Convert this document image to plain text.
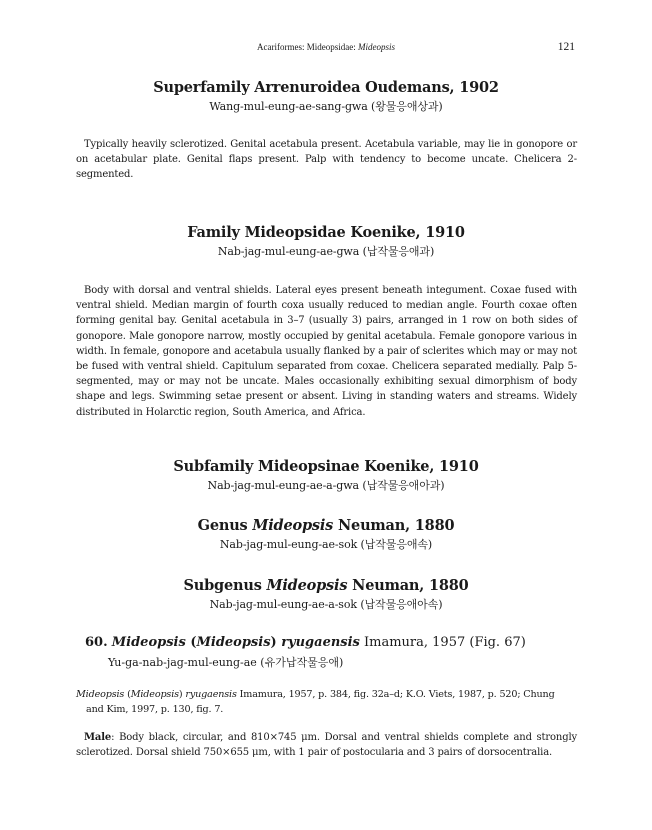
Acariformes: Mideopsidae: Mideopsis	121
Superfamily Arrenuroidea Oudemans, 1902
Wang-mul-eung-ae-sang-gwa (왕물응애상과)

Typically heavily sclerotized. Genital acetabula present. Acetabula variable, may lie in gonopore or on acetabular plate. Genital flaps present. Palp with tendency to become uncate. Chelicera 2-segmented.

Family Mideopsidae Koenike, 1910
Nab-jag-mul-eung-ae-gwa (납작물응애과)

Body with dorsal and ventral shields. Lateral eyes present beneath integument. Coxae fused with ventral shield. Median margin of fourth coxa usually reduced to median angle. Fourth coxae often forming genital bay. Genital acetabula in 3–7 (usually 3) pairs, arranged in 1 row on both sides of gonopore. Male gonopore narrow, mostly occupied by genital acetabula. Female gonopore various in width. In female, gonopore and acetabula usually flanked by a pair of sclerites which may or may not be fused with ventral shield. Capitulum separated from coxae. Chelicera separated medially. Palp 5-segmented, may or may not be uncate. Males occasionally exhibiting sexual dimorphism of body shape and legs. Swimming setae present or absent. Living in standing waters and streams. Widely distributed in Holarctic region, South America, and Africa.

Subfamily Mideopsinae Koenike, 1910
Nab-jag-mul-eung-ae-a-gwa (납작물응애아과)
Genus Mideopsis Neuman, 1880
Nab-jag-mul-eung-ae-sok (납작물응애속)
Subgenus Mideopsis Neuman, 1880
Nab-jag-mul-eung-ae-a-sok (납작물응애아속)
60. Mideopsis (Mideopsis) ryugaensis Imamura, 1957 (Fig. 67)
Yu-ga-nab-jag-mul-eung-ae (유가납작물응애)

Mideopsis (Mideopsis) ryugaensis Imamura, 1957, p. 384, fig. 32a–d; K.O. Viets, 1987, p. 520; Chung
and Kim, 1997, p. 130, fig. 7.

Male: Body black, circular, and 810×745 μm. Dorsal and ventral shields complete and strongly sclerotized. Dorsal shield 750×655 μm, with 1 pair of postocularia and 3 pairs of dorsocentralia.
